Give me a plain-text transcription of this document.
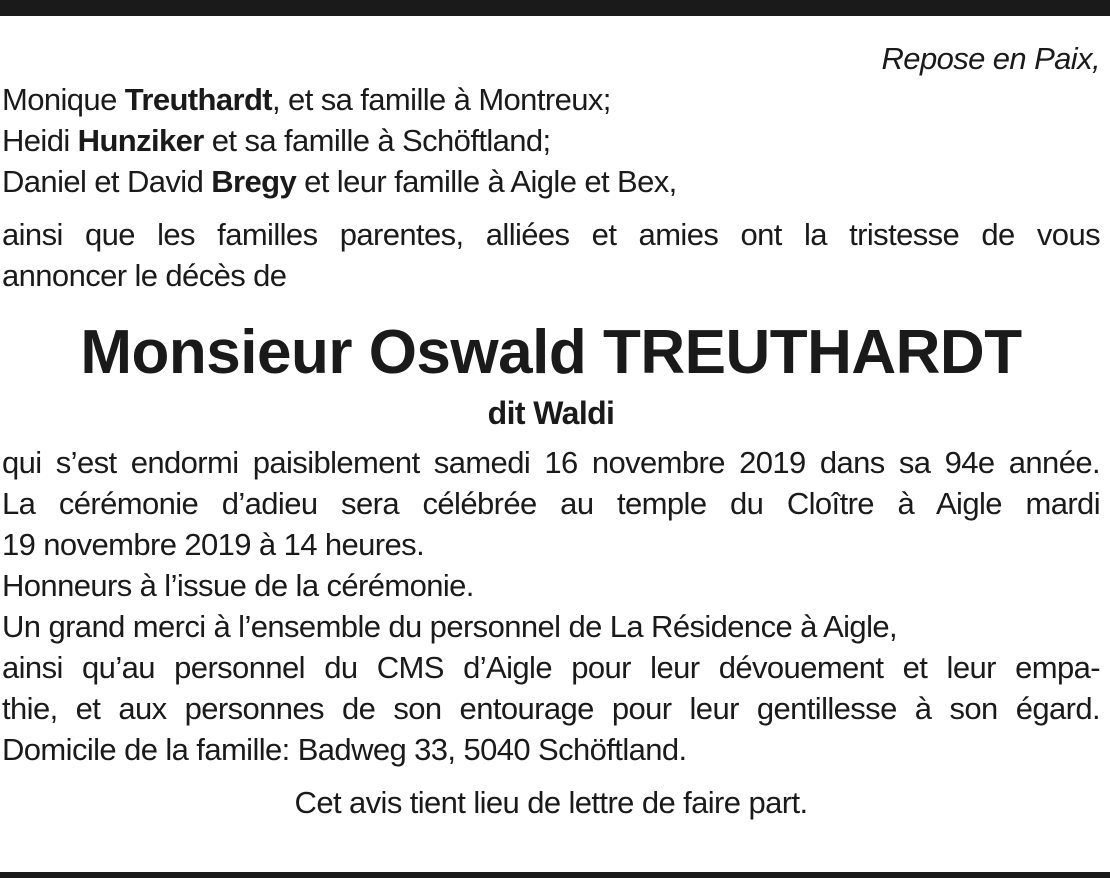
Repose en Paix,
Monique Treuthardt, et sa famille à Montreux;
Heidi Hunziker et sa famille à Schöftland;
Daniel et David Bregy et leur famille à Aigle et Bex,
ainsi que les familles parentes, alliées et amies ont la tristesse de vous
annoncer le décès de
Monsieur Oswald TREUTHARDT
dit Waldi
qui s’est endormi paisiblement samedi 16 novembre 2019 dans sa 94e année.
La cérémonie d’adieu sera célébrée au temple du Cloître à Aigle mardi
19 novembre 2019 à 14 heures.
Honneurs à l’issue de la cérémonie.
Un grand merci à l’ensemble du personnel de La Résidence à Aigle,
ainsi qu’au personnel du CMS d’Aigle pour leur dévouement et leur empa-
thie, et aux personnes de son entourage pour leur gentillesse à son égard.
Domicile de la famille: Badweg 33, 5040 Schöftland.
Cet avis tient lieu de lettre de faire part.
